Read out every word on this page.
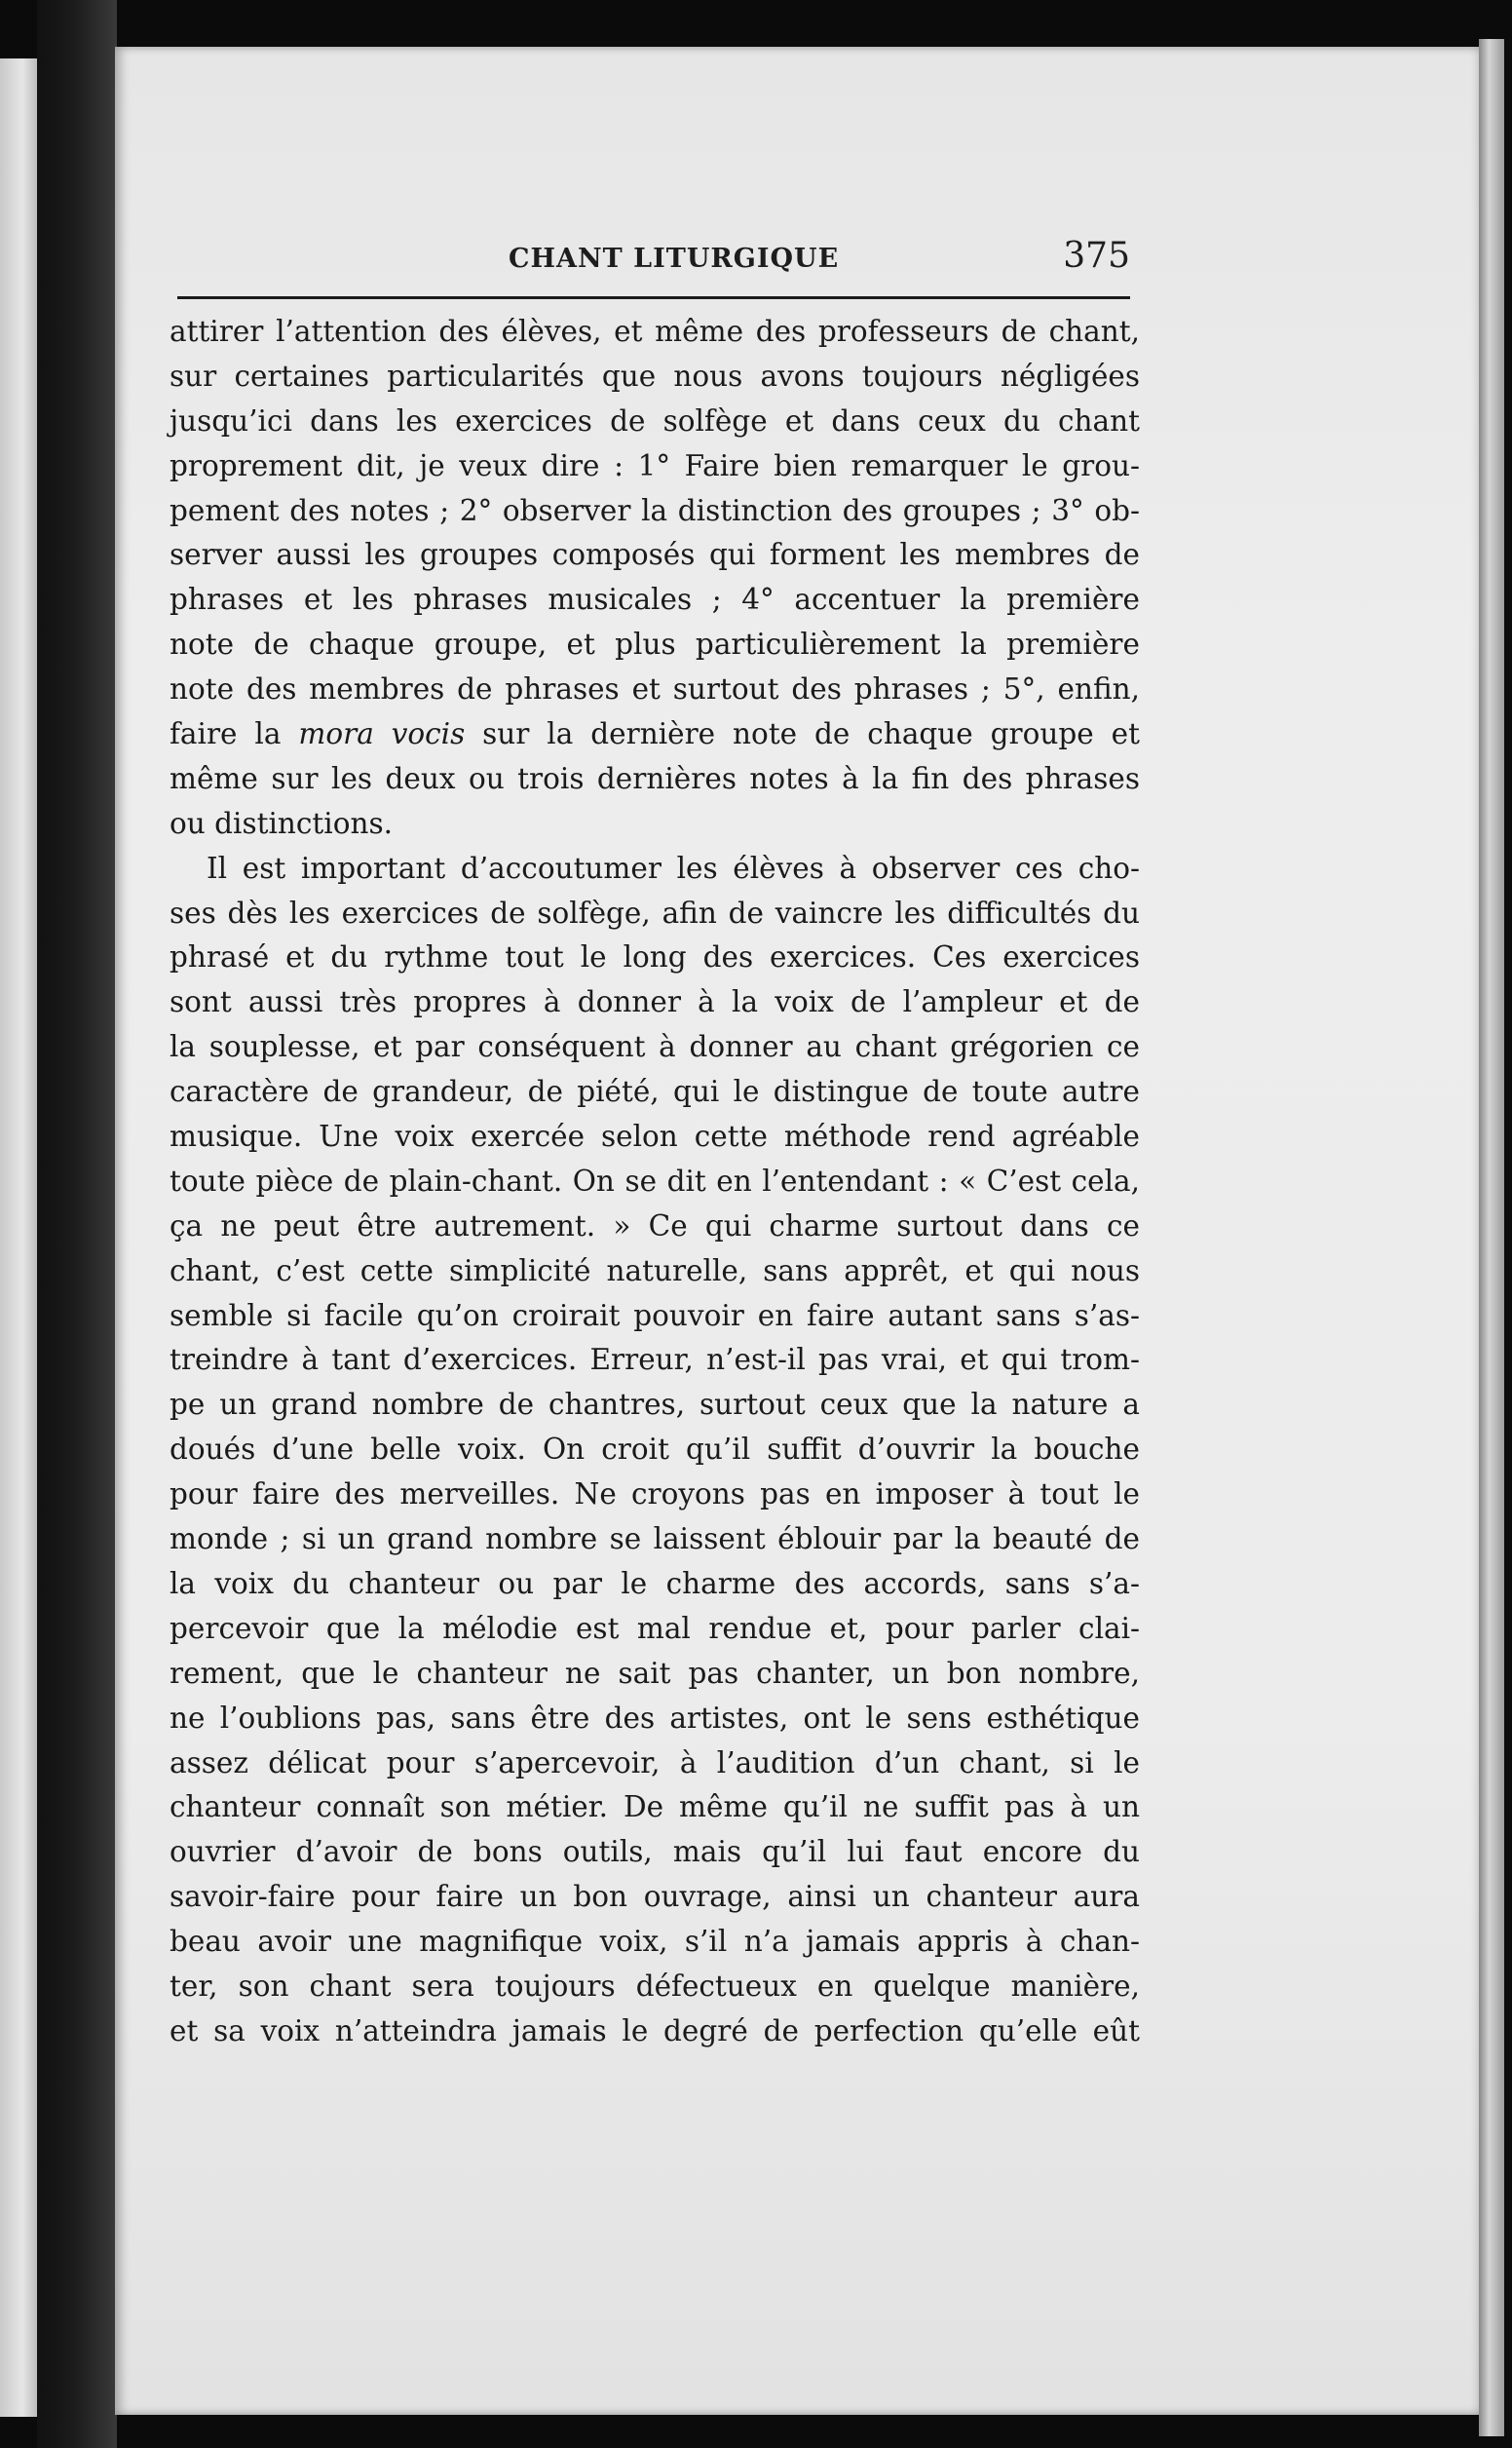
CHANT LITURGIQUE	375
attirer l’attention des élèves, et même des professeurs de chant,
sur certaines particularités que nous avons toujours négligées
jusqu’ici dans les exercices de solfège et dans ceux du chant
proprement dit, je veux dire : 1° Faire bien remarquer le grou-
pement des notes ; 2° observer la distinction des groupes ; 3° ob-
server aussi les groupes composés qui forment les membres de
phrases et les phrases musicales ; 4° accentuer la première
note de chaque groupe, et plus particulièrement la première
note des membres de phrases et surtout des phrases ; 5°, enfin,
faire la mora vocis sur la dernière note de chaque groupe et
même sur les deux ou trois dernières notes à la fin des phrases
ou distinctions.
Il est important d’accoutumer les élèves à observer ces cho-
ses dès les exercices de solfège, afin de vaincre les difficultés du
phrasé et du rythme tout le long des exercices. Ces exercices
sont aussi très propres à donner à la voix de l’ampleur et de
la souplesse, et par conséquent à donner au chant grégorien ce
caractère de grandeur, de piété, qui le distingue de toute autre
musique. Une voix exercée selon cette méthode rend agréable
toute pièce de plain-chant. On se dit en l’entendant : « C’est cela,
ça ne peut être autrement. » Ce qui charme surtout dans ce
chant, c’est cette simplicité naturelle, sans apprêt, et qui nous
semble si facile qu’on croirait pouvoir en faire autant sans s’as-
treindre à tant d’exercices. Erreur, n’est-il pas vrai, et qui trom-
pe un grand nombre de chantres, surtout ceux que la nature a
doués d’une belle voix. On croit qu’il suffit d’ouvrir la bouche
pour faire des merveilles. Ne croyons pas en imposer à tout le
monde ; si un grand nombre se laissent éblouir par la beauté de
la voix du chanteur ou par le charme des accords, sans s’a-
percevoir que la mélodie est mal rendue et, pour parler clai-
rement, que le chanteur ne sait pas chanter, un bon nombre,
ne l’oublions pas, sans être des artistes, ont le sens esthétique
assez délicat pour s’apercevoir, à l’audition d’un chant, si le
chanteur connaît son métier. De même qu’il ne suffit pas à un
ouvrier d’avoir de bons outils, mais qu’il lui faut encore du
savoir-faire pour faire un bon ouvrage, ainsi un chanteur aura
beau avoir une magnifique voix, s’il n’a jamais appris à chan-
ter, son chant sera toujours défectueux en quelque manière,
et sa voix n’atteindra jamais le degré de perfection qu’elle eût
